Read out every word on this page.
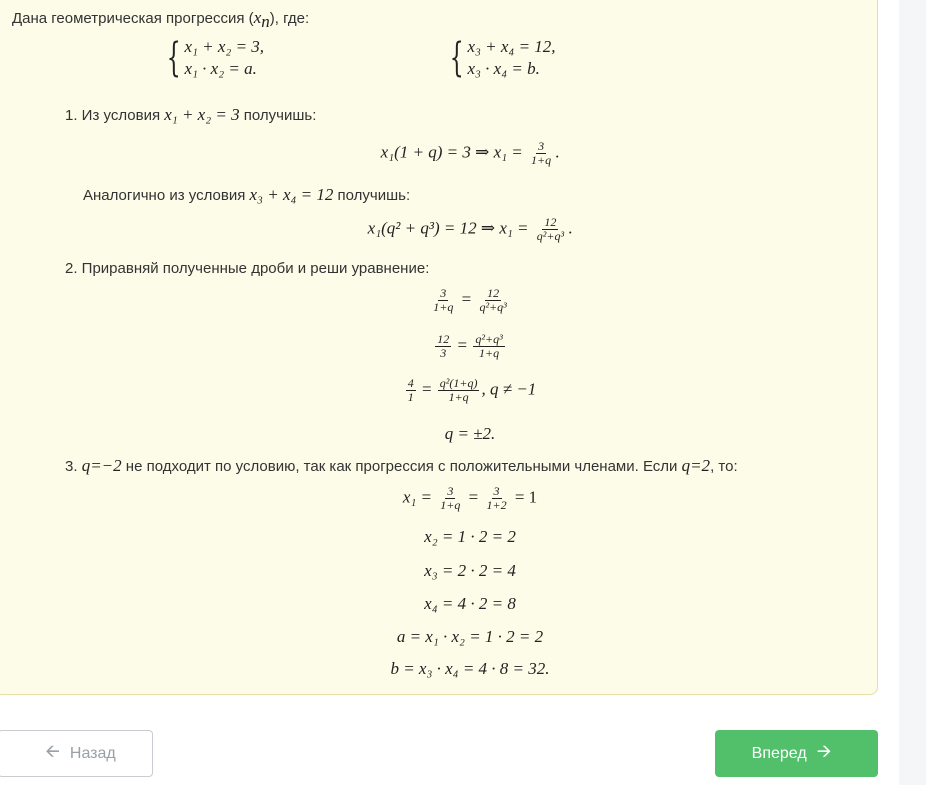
Дана геометрическая прогрессия $(x_n)$, где:
{ x₁ + x₂ = 3,
x₁ · x₂ = a.	{ x₃ + x₄ = 12,
x₃ · x₄ = b.
1. Из условия x₁ + x₂ = 3 получишь:
x₁(1 + q) = 3 ⇒ $x_1 = \frac{3}{1+q}$ .
Аналогично из условия x₃ + x₄ = 12 получишь:
x₁(q² + q³) = 12 ⇒ $x_1 = \frac{12}{\text{q²+q³}}$ .
2. Приравняй полученные дроби и реши уравнение:
$\frac{3}{1+q} = \frac{12}{\text{q²+q³}}$
$\frac{12}{3} = \frac{\text{q²+q³}}{1+q}$
$\frac{4}{1} = \frac{\text{q²(1+q)}}{1+q}$ , q ≠ −1
q = ±2.
3. q=−2 не подходит по условию, так как прогрессия с положительными членами. Если q=2, то:
$x_1 = \frac{3}{1+q} = \frac{3}{1+2} = 1$
x₂ = 1 · 2 = 2
x₃ = 2 · 2 = 4
x₄ = 4 · 2 = 8
a = x₁ · x₂ = 1 · 2 = 2
b = x₃ · x₄ = 4 · 8 = 32.
🡨 Назад	Вперед 🡪
